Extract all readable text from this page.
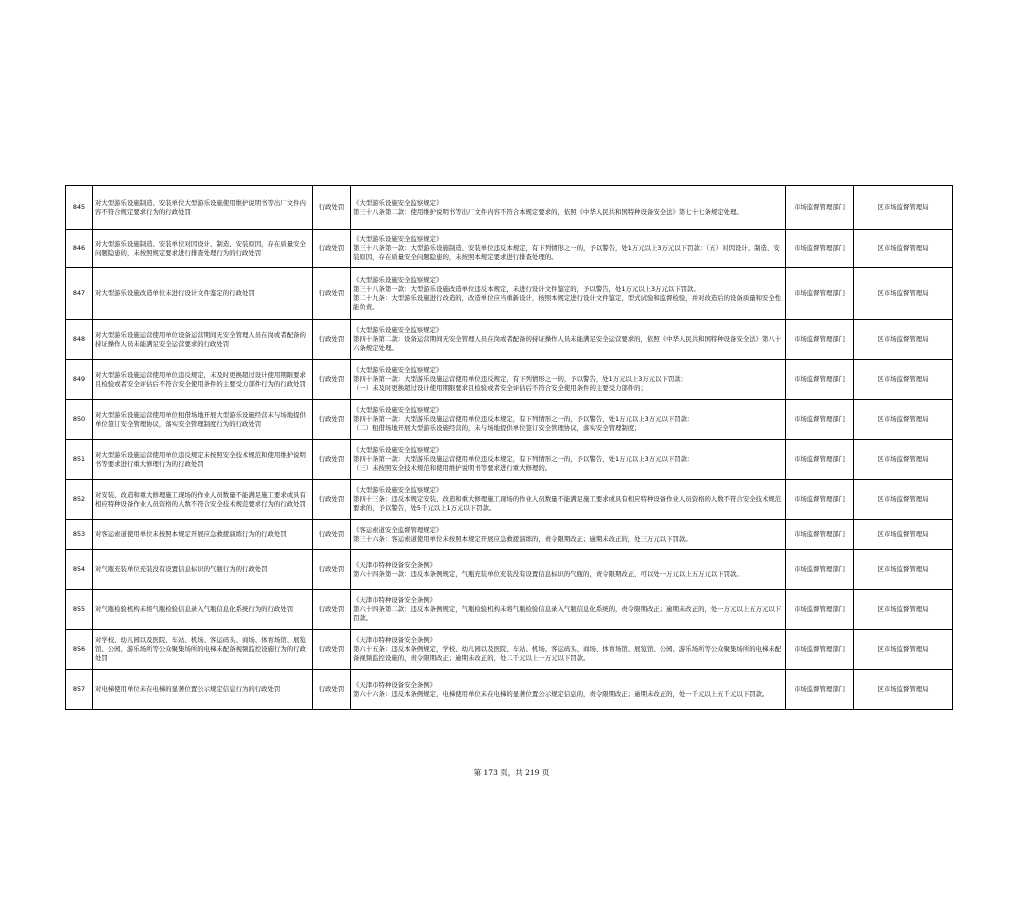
845	对大型游乐设施制造、安装单位大型游乐设施使用维护说明书等出厂文件内容不符合规定要求行为的行政处罚	行政处罚	《大型游乐设施安全监察规定》
第三十八条第二款：使用维护说明书等出厂文件内容不符合本规定要求的，依照《中华人民共和国特种设备安全法》第七十七条规定处理。	市场监督管理部门	区市场监督管理局
846	对大型游乐设施制造、安装单位对因设计、制造、安装原因，存在质量安全问题隐患的，未按照规定要求进行排查处理行为的行政处罚	行政处罚	《大型游乐设施安全监察规定》
第三十八条第一款：大型游乐设施制造、安装单位违反本规定，有下列情形之一的，予以警告，处1万元以上3万元以下罚款：（五）对因设计、制造、安装原因，存在质量安全问题隐患的，未按照本规定要求进行排查处理的。	市场监督管理部门	区市场监督管理局
847	对大型游乐设施改造单位未进行设计文件鉴定的行政处罚	行政处罚	《大型游乐设施安全监察规定》
第三十八条第一款：大型游乐设施改造单位违反本规定，未进行设计文件鉴定的，予以警告，处1万元以上3万元以下罚款。
第二十九条：大型游乐设施进行改造的，改造单位应当重新设计，按照本规定进行设计文件鉴定、型式试验和监督检验，并对改造后的设备质量和安全性能负责。	市场监督管理部门	区市场监督管理局
848	对大型游乐设施运营使用单位设备运营期间无安全管理人员在岗或者配备的持证操作人员未能满足安全运营要求的行政处罚	行政处罚	《大型游乐设施安全监察规定》
第四十条第二款：设备运营期间无安全管理人员在岗或者配备的持证操作人员未能满足安全运营要求的，依照《中华人民共和国特种设备安全法》第八十六条规定处理。	市场监督管理部门	区市场监督管理局
849	对大型游乐设施运营使用单位违反规定，未及时更换超过设计使用期限要求且检验或者安全评估后不符合安全使用条件的主要受力部件行为的行政处罚	行政处罚	《大型游乐设施安全监察规定》
第四十条第一款：大型游乐设施运营使用单位违反规定，有下列情形之一的，予以警告，处1万元以上3万元以下罚款：
（一）未及时更换超过设计使用期限要求且检验或者安全评估后不符合安全使用条件的主要受力部件的；	市场监督管理部门	区市场监督管理局
850	对大型游乐设施运营使用单位租借场地开展大型游乐设施经营未与场地提供单位签订安全管理协议，落实安全管理制度行为的行政处罚	行政处罚	《大型游乐设施安全监察规定》
第四十条第一款：大型游乐设施运营使用单位违反本规定，有下列情形之一的，予以警告，处1万元以上3万元以下罚款：
（二）租借场地开展大型游乐设施经营的，未与场地提供单位签订安全管理协议，落实安全管理制度；	市场监督管理部门	区市场监督管理局
851	对大型游乐设施运营使用单位违反规定未按照安全技术规范和使用维护说明书等要求进行重大修理行为的行政处罚	行政处罚	《大型游乐设施安全监察规定》
第四十条第一款：大型游乐设施运营使用单位违反本规定，有下列情形之一的，予以警告，处1万元以上3万元以下罚款：
（三）未按照安全技术规范和使用维护说明书等要求进行重大修理的。	市场监督管理部门	区市场监督管理局
852	对安装、改造和重大修理施工现场的作业人员数量不能满足施工要求或具有相应特种设备作业人员资格的人数不符合安全技术规范要求行为的行政处罚	行政处罚	《大型游乐设施安全监察规定》
第四十三条：违反本规定安装、改造和重大修理施工现场的作业人员数量不能满足施工要求或具有相应特种设备作业人员资格的人数不符合安全技术规范要求的，予以警告，处5千元以上1万元以下罚款。	市场监督管理部门	区市场监督管理局
853	对客运索道使用单位未按照本规定开展应急救援演练行为的行政处罚	行政处罚	《客运索道安全监督管理规定》
第三十六条：客运索道使用单位未按照本规定开展应急救援演练的，责令限期改正；逾期未改正的，处三万元以下罚款。	市场监督管理部门	区市场监督管理局
854	对气瓶充装单位充装没有设置信息标识的气瓶行为的行政处罚	行政处罚	《天津市特种设备安全条例》
第六十四条第一款：违反本条例规定，气瓶充装单位充装没有设置信息标识的气瓶的，责令限期改正，可以处一万元以上五万元以下罚款。	市场监督管理部门	区市场监督管理局
855	对气瓶检验机构未将气瓶检验信息录入气瓶信息化系统行为的行政处罚	行政处罚	《天津市特种设备安全条例》
第六十四条第二款：违反本条例规定，气瓶检验机构未将气瓶检验信息录入气瓶信息化系统的，责令限期改正；逾期未改正的，处一万元以上五万元以下罚款。	市场监督管理部门	区市场监督管理局
856	对学校、幼儿园以及医院、车站、机场、客运码头、商场、体育场馆、展览馆、公园、游乐场所等公众聚集场所的电梯未配备视频监控设施行为的行政处罚	行政处罚	《天津市特种设备安全条例》
第六十五条：违反本条例规定，学校、幼儿园以及医院、车站、机场、客运码头、商场、体育场馆、展览馆、公园、游乐场所等公众聚集场所的电梯未配备视频监控设施的，责令限期改正；逾期未改正的，处二千元以上一万元以下罚款。	市场监督管理部门	区市场监督管理局
857	对电梯使用单位未在电梯的显著位置公示规定信息行为的行政处罚	行政处罚	《天津市特种设备安全条例》
第六十六条：违反本条例规定，电梯使用单位未在电梯的显著位置公示规定信息的，责令限期改正；逾期未改正的，处一千元以上五千元以下罚款。	市场监督管理部门	区市场监督管理局
第 173 页，共 219 页
